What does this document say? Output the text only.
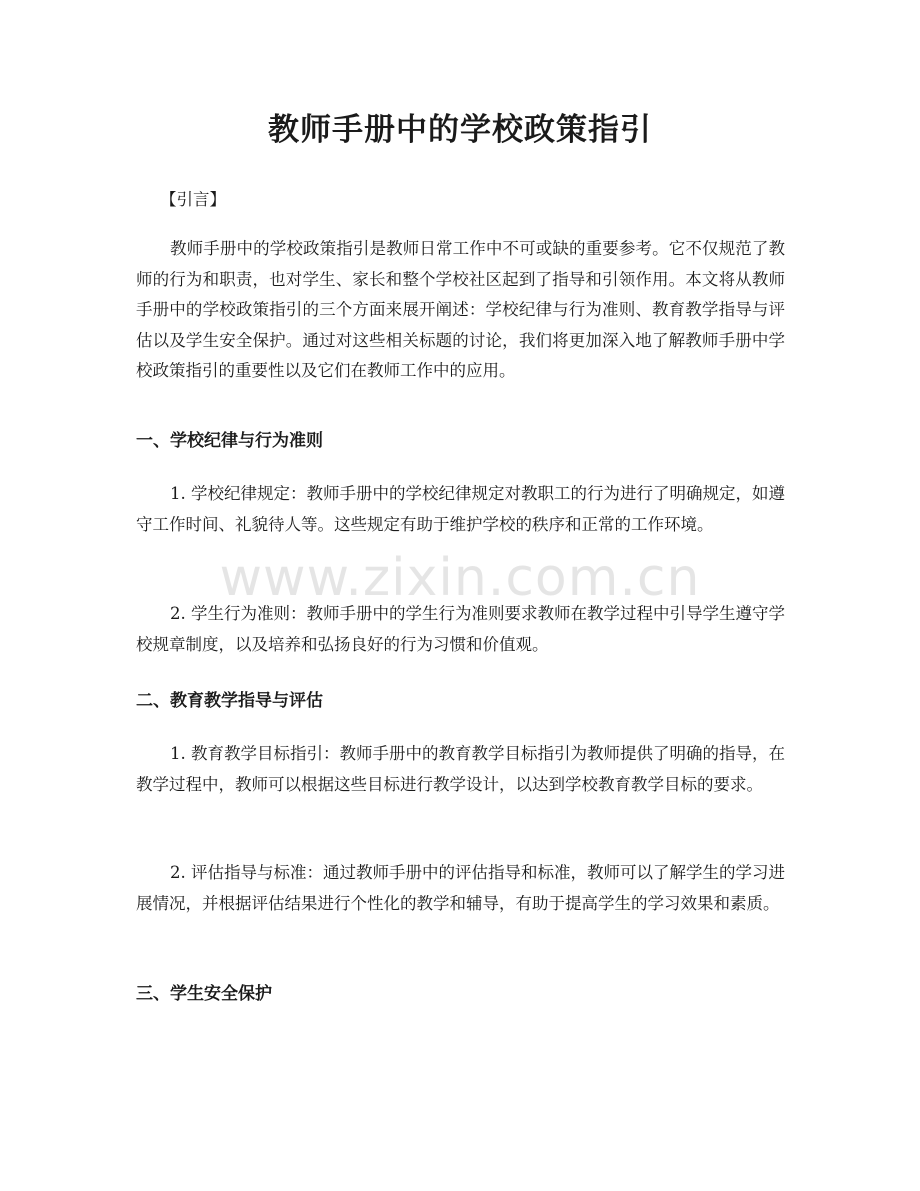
教师手册中的学校政策指引

【引言】

教师手册中的学校政策指引是教师日常工作中不可或缺的重要参考。它不仅规范了教师的行为和职责，也对学生、家长和整个学校社区起到了指导和引领作用。本文将从教师手册中的学校政策指引的三个方面来展开阐述：学校纪律与行为准则、教育教学指导与评估以及学生安全保护。通过对这些相关标题的讨论，我们将更加深入地了解教师手册中学校政策指引的重要性以及它们在教师工作中的应用。

一、学校纪律与行为准则

1. 学校纪律规定：教师手册中的学校纪律规定对教职工的行为进行了明确规定，如遵守工作时间、礼貌待人等。这些规定有助于维护学校的秩序和正常的工作环境。

2. 学生行为准则：教师手册中的学生行为准则要求教师在教学过程中引导学生遵守学校规章制度，以及培养和弘扬良好的行为习惯和价值观。

二、教育教学指导与评估

1. 教育教学目标指引：教师手册中的教育教学目标指引为教师提供了明确的指导，在教学过程中，教师可以根据这些目标进行教学设计，以达到学校教育教学目标的要求。

2. 评估指导与标准：通过教师手册中的评估指导和标准，教师可以了解学生的学习进展情况，并根据评估结果进行个性化的教学和辅导，有助于提高学生的学习效果和素质。

三、学生安全保护
www.zixin.com.cn
